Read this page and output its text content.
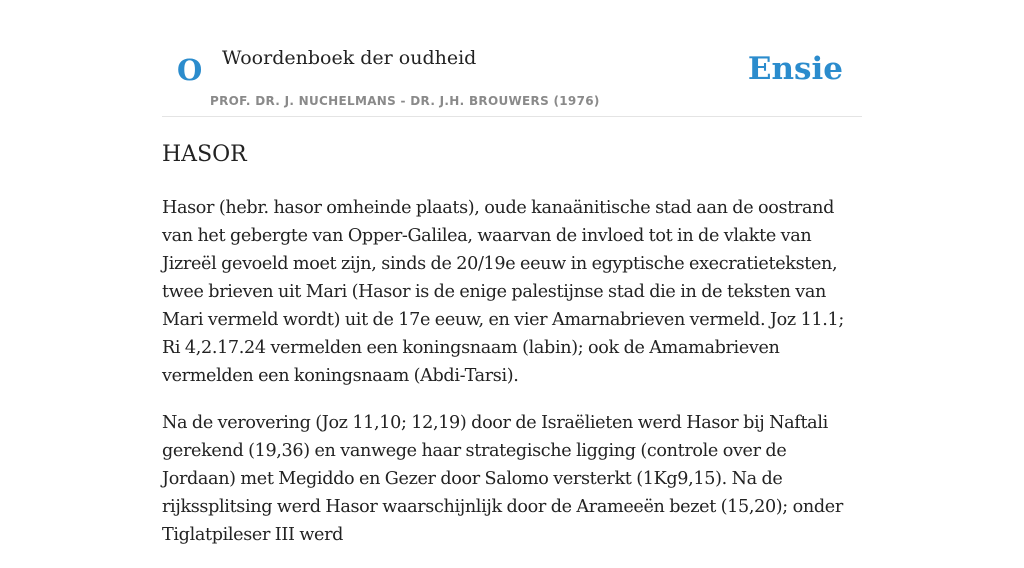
O Woordenboek der oudheid
PROF. DR. J. NUCHELMANS - DR. J.H. BROUWERS (1976)
Ensie
HASOR

Hasor (hebr. hasor omheinde plaats), oude kanaänitische stad aan de oostrand van het gebergte van Opper-Galilea, waarvan de invloed tot in de vlakte van Jizreël gevoeld moet zijn, sinds de 20/19e eeuw in egyptische execratieteksten, twee brieven uit Mari (Hasor is de enige palestijnse stad die in de teksten van Mari vermeld wordt) uit de 17e eeuw, en vier Amarnabrieven vermeld. Joz 11.1; Ri 4,2.17.24 vermelden een koningsnaam (labin); ook de Amamabrieven vermelden een koningsnaam (Abdi-Tarsi).

Na de verovering (Joz 11,10; 12,19) door de Israëlieten werd Hasor bij Naftali gerekend (19,36) en vanwege haar strategische ligging (controle over de Jordaan) met Megiddo en Gezer door Salomo versterkt (1Kg9,15). Na de rijkssplitsing werd Hasor waarschijnlijk door de Arameeën bezet (15,20); onder Tiglatpileser III werd
